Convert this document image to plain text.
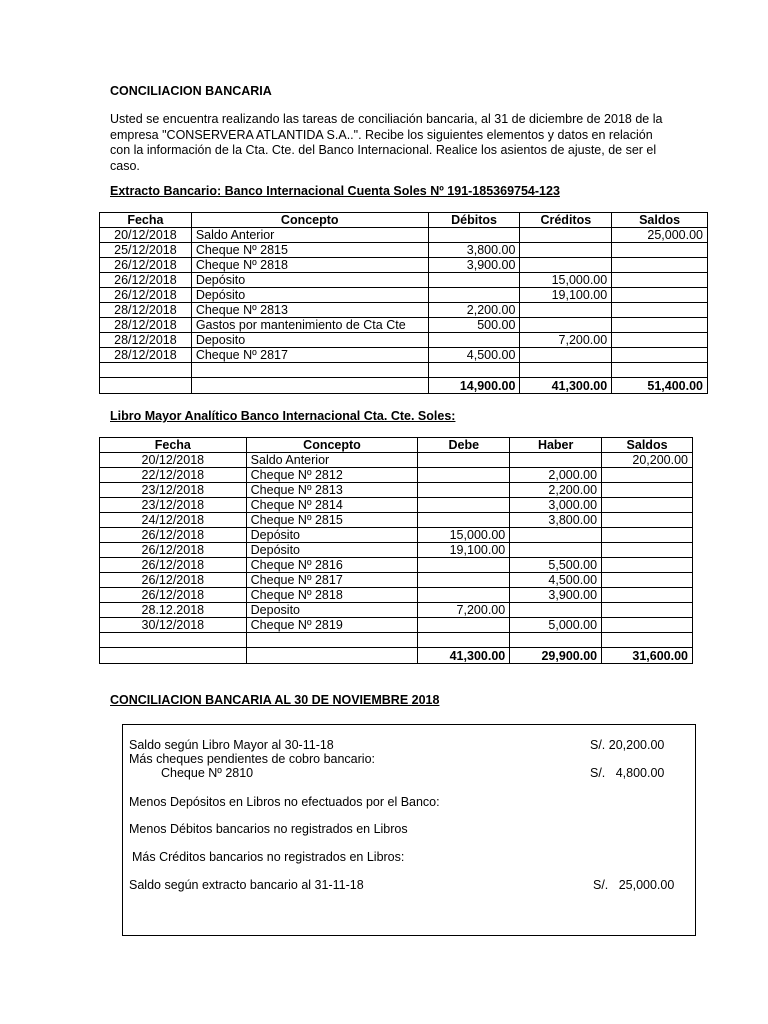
CONCILIACION BANCARIA

Usted se encuentra realizando las tareas de conciliación bancaria, al 31 de diciembre de 2018 de la empresa "CONSERVERA ATLANTIDA S.A..". Recibe los siguientes elementos y datos en relación con la información de la Cta. Cte. del Banco Internacional. Realice los asientos de ajuste, de ser el caso.

Extracto Bancario: Banco Internacional Cuenta Soles Nº 191-185369754-123
Fecha	Concepto	Débitos	Créditos	Saldos
20/12/2018	Saldo Anterior			25,000.00
25/12/2018	Cheque Nº 2815	3,800.00		
26/12/2018	Cheque Nº 2818	3,900.00		
26/12/2018	Depósito		15,000.00	
26/12/2018	Depósito		19,100.00	
28/12/2018	Cheque Nº 2813	2,200.00		
28/12/2018	Gastos por mantenimiento de Cta Cte	500.00		
28/12/2018	Deposito		7,200.00	
28/12/2018	Cheque Nº 2817	4,500.00		

		14,900.00	41,300.00	51,400.00
Libro Mayor Analítico Banco Internacional Cta. Cte. Soles:
Fecha	Concepto	Debe	Haber	Saldos
20/12/2018	Saldo Anterior			20,200.00
22/12/2018	Cheque Nº 2812		2,000.00	
23/12/2018	Cheque Nº 2813		2,200.00	
23/12/2018	Cheque Nº 2814		3,000.00	
24/12/2018	Cheque Nº 2815		3,800.00	
26/12/2018	Depósito	15,000.00		
26/12/2018	Depósito	19,100.00		
26/12/2018	Cheque Nº 2816		5,500.00	
26/12/2018	Cheque Nº 2817		4,500.00	
26/12/2018	Cheque Nº 2818		3,900.00	
28.12.2018	Deposito	7,200.00		
30/12/2018	Cheque Nº 2819		5,000.00	

		41,300.00	29,900.00	31,600.00
CONCILIACION BANCARIA AL 30 DE NOVIEMBRE 2018
Saldo según Libro Mayor al 30-11-18	S/. 20,200.00
Más cheques pendientes de cobro bancario:
Cheque Nº 2810	S/.   4,800.00
Menos Depósitos en Libros no efectuados por el Banco:
Menos Débitos bancarios no registrados en Libros
Más Créditos bancarios no registrados en Libros:
Saldo según extracto bancario al 31-11-18	S/.   25,000.00
